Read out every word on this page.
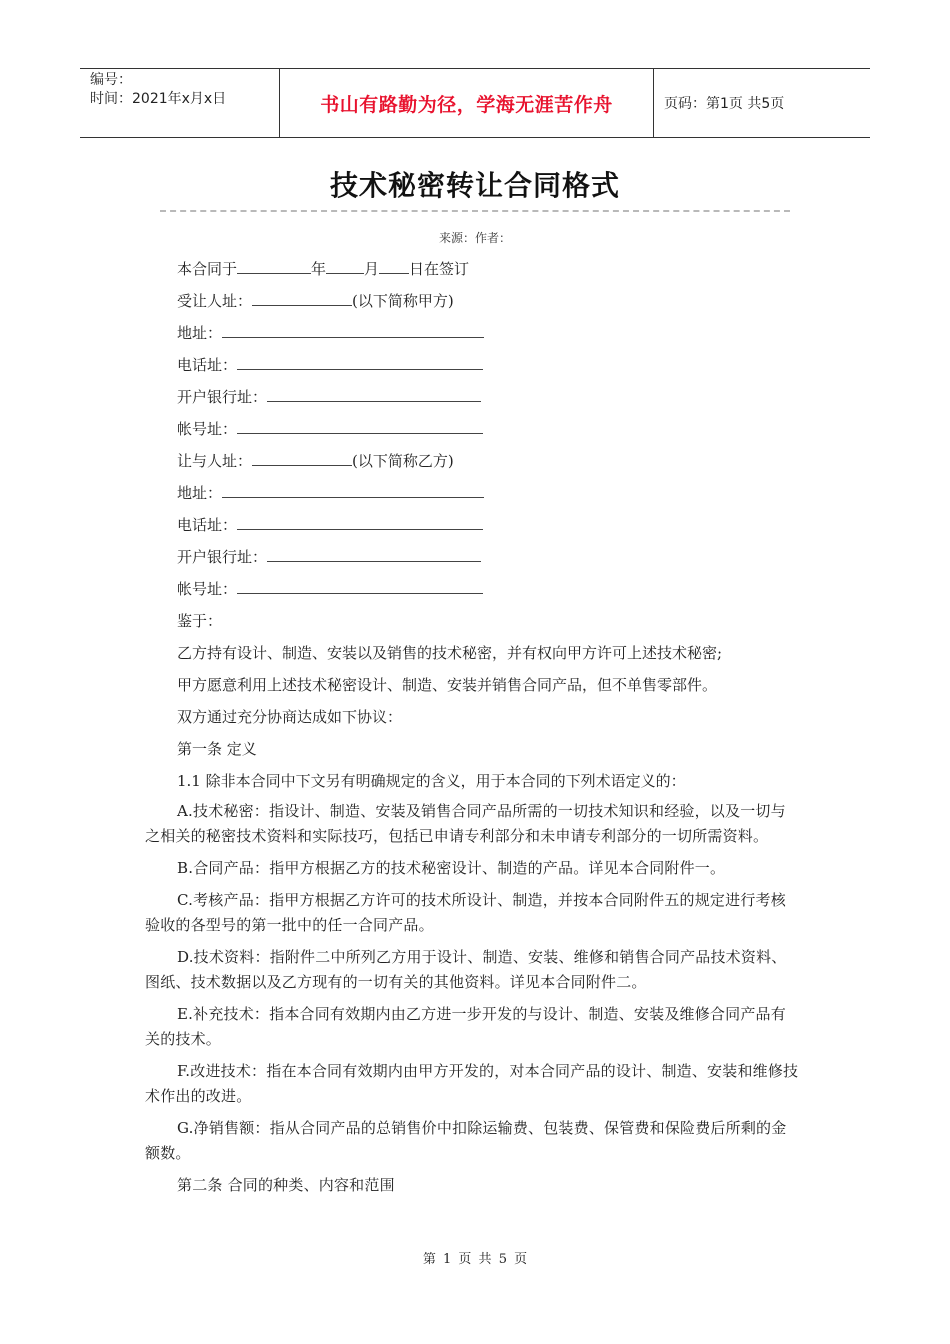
编号：
时间：2021年x月x日	书山有路勤为径，学海无涯苦作舟	页码：第1页 共5页
技术秘密转让合同格式
来源：作者：
本合同于	年	月 日在签订
受让人址：	(以下简称甲方)
地址：
电话址：
开户银行址：
帐号址：
让与人址：	(以下简称乙方)
地址：
电话址：
开户银行址：
帐号址：
鉴于：
乙方持有设计、制造、安装以及销售的技术秘密，并有权向甲方许可上述技术秘密;
甲方愿意利用上述技术秘密设计、制造、安装并销售合同产品，但不单售零部件。
双方通过充分协商达成如下协议：
第一条 定义
1.1 除非本合同中下文另有明确规定的含义，用于本合同的下列术语定义的：
A.技术秘密：指设计、制造、安装及销售合同产品所需的一切技术知识和经验，以及一切与之相关的秘密技术资料和实际技巧，包括已申请专利部分和未申请专利部分的一切所需资料。
B.合同产品：指甲方根据乙方的技术秘密设计、制造的产品。详见本合同附件一。
C.考核产品：指甲方根据乙方许可的技术所设计、制造，并按本合同附件五的规定进行考核验收的各型号的第一批中的任一合同产品。
D.技术资料：指附件二中所列乙方用于设计、制造、安装、维修和销售合同产品技术资料、图纸、技术数据以及乙方现有的一切有关的其他资料。详见本合同附件二。
E.补充技术：指本合同有效期内由乙方进一步开发的与设计、制造、安装及维修合同产品有关的技术。
F.改进技术：指在本合同有效期内由甲方开发的，对本合同产品的设计、制造、安装和维修技术作出的改进。
G.净销售额：指从合同产品的总销售价中扣除运输费、包装费、保管费和保险费后所剩的金额数。
第二条 合同的种类、内容和范围
第 1 页 共 5 页
